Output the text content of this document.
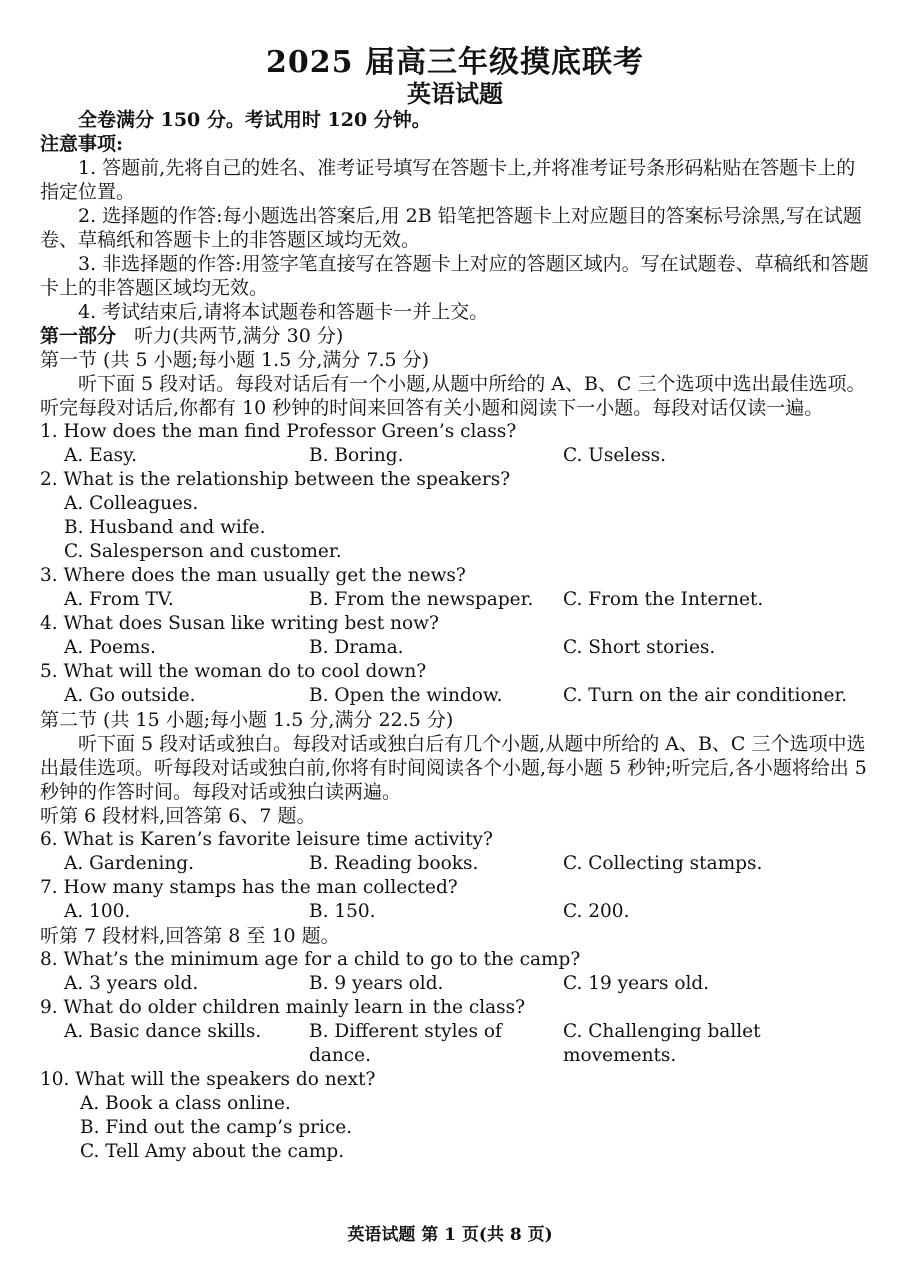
2025 届高三年级摸底联考
英语试题

全卷满分 150 分。考试用时 120 分钟。

注意事项:

1. 答题前,先将自己的姓名、准考证号填写在答题卡上,并将准考证号条形码粘贴在答题卡上的指定位置。

2. 选择题的作答:每小题选出答案后,用 2B 铅笔把答题卡上对应题目的答案标号涂黑,写在试题卷、草稿纸和答题卡上的非答题区域均无效。

3. 非选择题的作答:用签字笔直接写在答题卡上对应的答题区域内。写在试题卷、草稿纸和答题卡上的非答题区域均无效。

4. 考试结束后,请将本试题卷和答题卡一并上交。

第一部分 听力(共两节,满分 30 分)

第一节 (共 5 小题;每小题 1.5 分,满分 7.5 分)

听下面 5 段对话。每段对话后有一个小题,从题中所给的 A、B、C 三个选项中选出最佳选项。听完每段对话后,你都有 10 秒钟的时间来回答有关小题和阅读下一小题。每段对话仅读一遍。

1. How does the man find Professor Green’s class?

A. Easy.	B. Boring.	C. Useless.

2. What is the relationship between the speakers?

A. Colleagues.

B. Husband and wife.

C. Salesperson and customer.

3. Where does the man usually get the news?

A. From TV.	B. From the newspaper.	C. From the Internet.

4. What does Susan like writing best now?

A. Poems.	B. Drama.	C. Short stories.

5. What will the woman do to cool down?

A. Go outside.	B. Open the window.	C. Turn on the air conditioner.

第二节 (共 15 小题;每小题 1.5 分,满分 22.5 分)

听下面 5 段对话或独白。每段对话或独白后有几个小题,从题中所给的 A、B、C 三个选项中选出最佳选项。听每段对话或独白前,你将有时间阅读各个小题,每小题 5 秒钟;听完后,各小题将给出 5 秒钟的作答时间。每段对话或独白读两遍。

听第 6 段材料,回答第 6、7 题。

6. What is Karen’s favorite leisure time activity?

A. Gardening.	B. Reading books.	C. Collecting stamps.

7. How many stamps has the man collected?

A. 100.	B. 150.	C. 200.

听第 7 段材料,回答第 8 至 10 题。

8. What’s the minimum age for a child to go to the camp?

A. 3 years old.	B. 9 years old.	C. 19 years old.

9. What do older children mainly learn in the class?

A. Basic dance skills.	B. Different styles of dance.
C. Challenging ballet movements.

10. What will the speakers do next?

A. Book a class online.

B. Find out the camp’s price.

C. Tell Amy about the camp.

英语试题 第 1 页(共 8 页)
